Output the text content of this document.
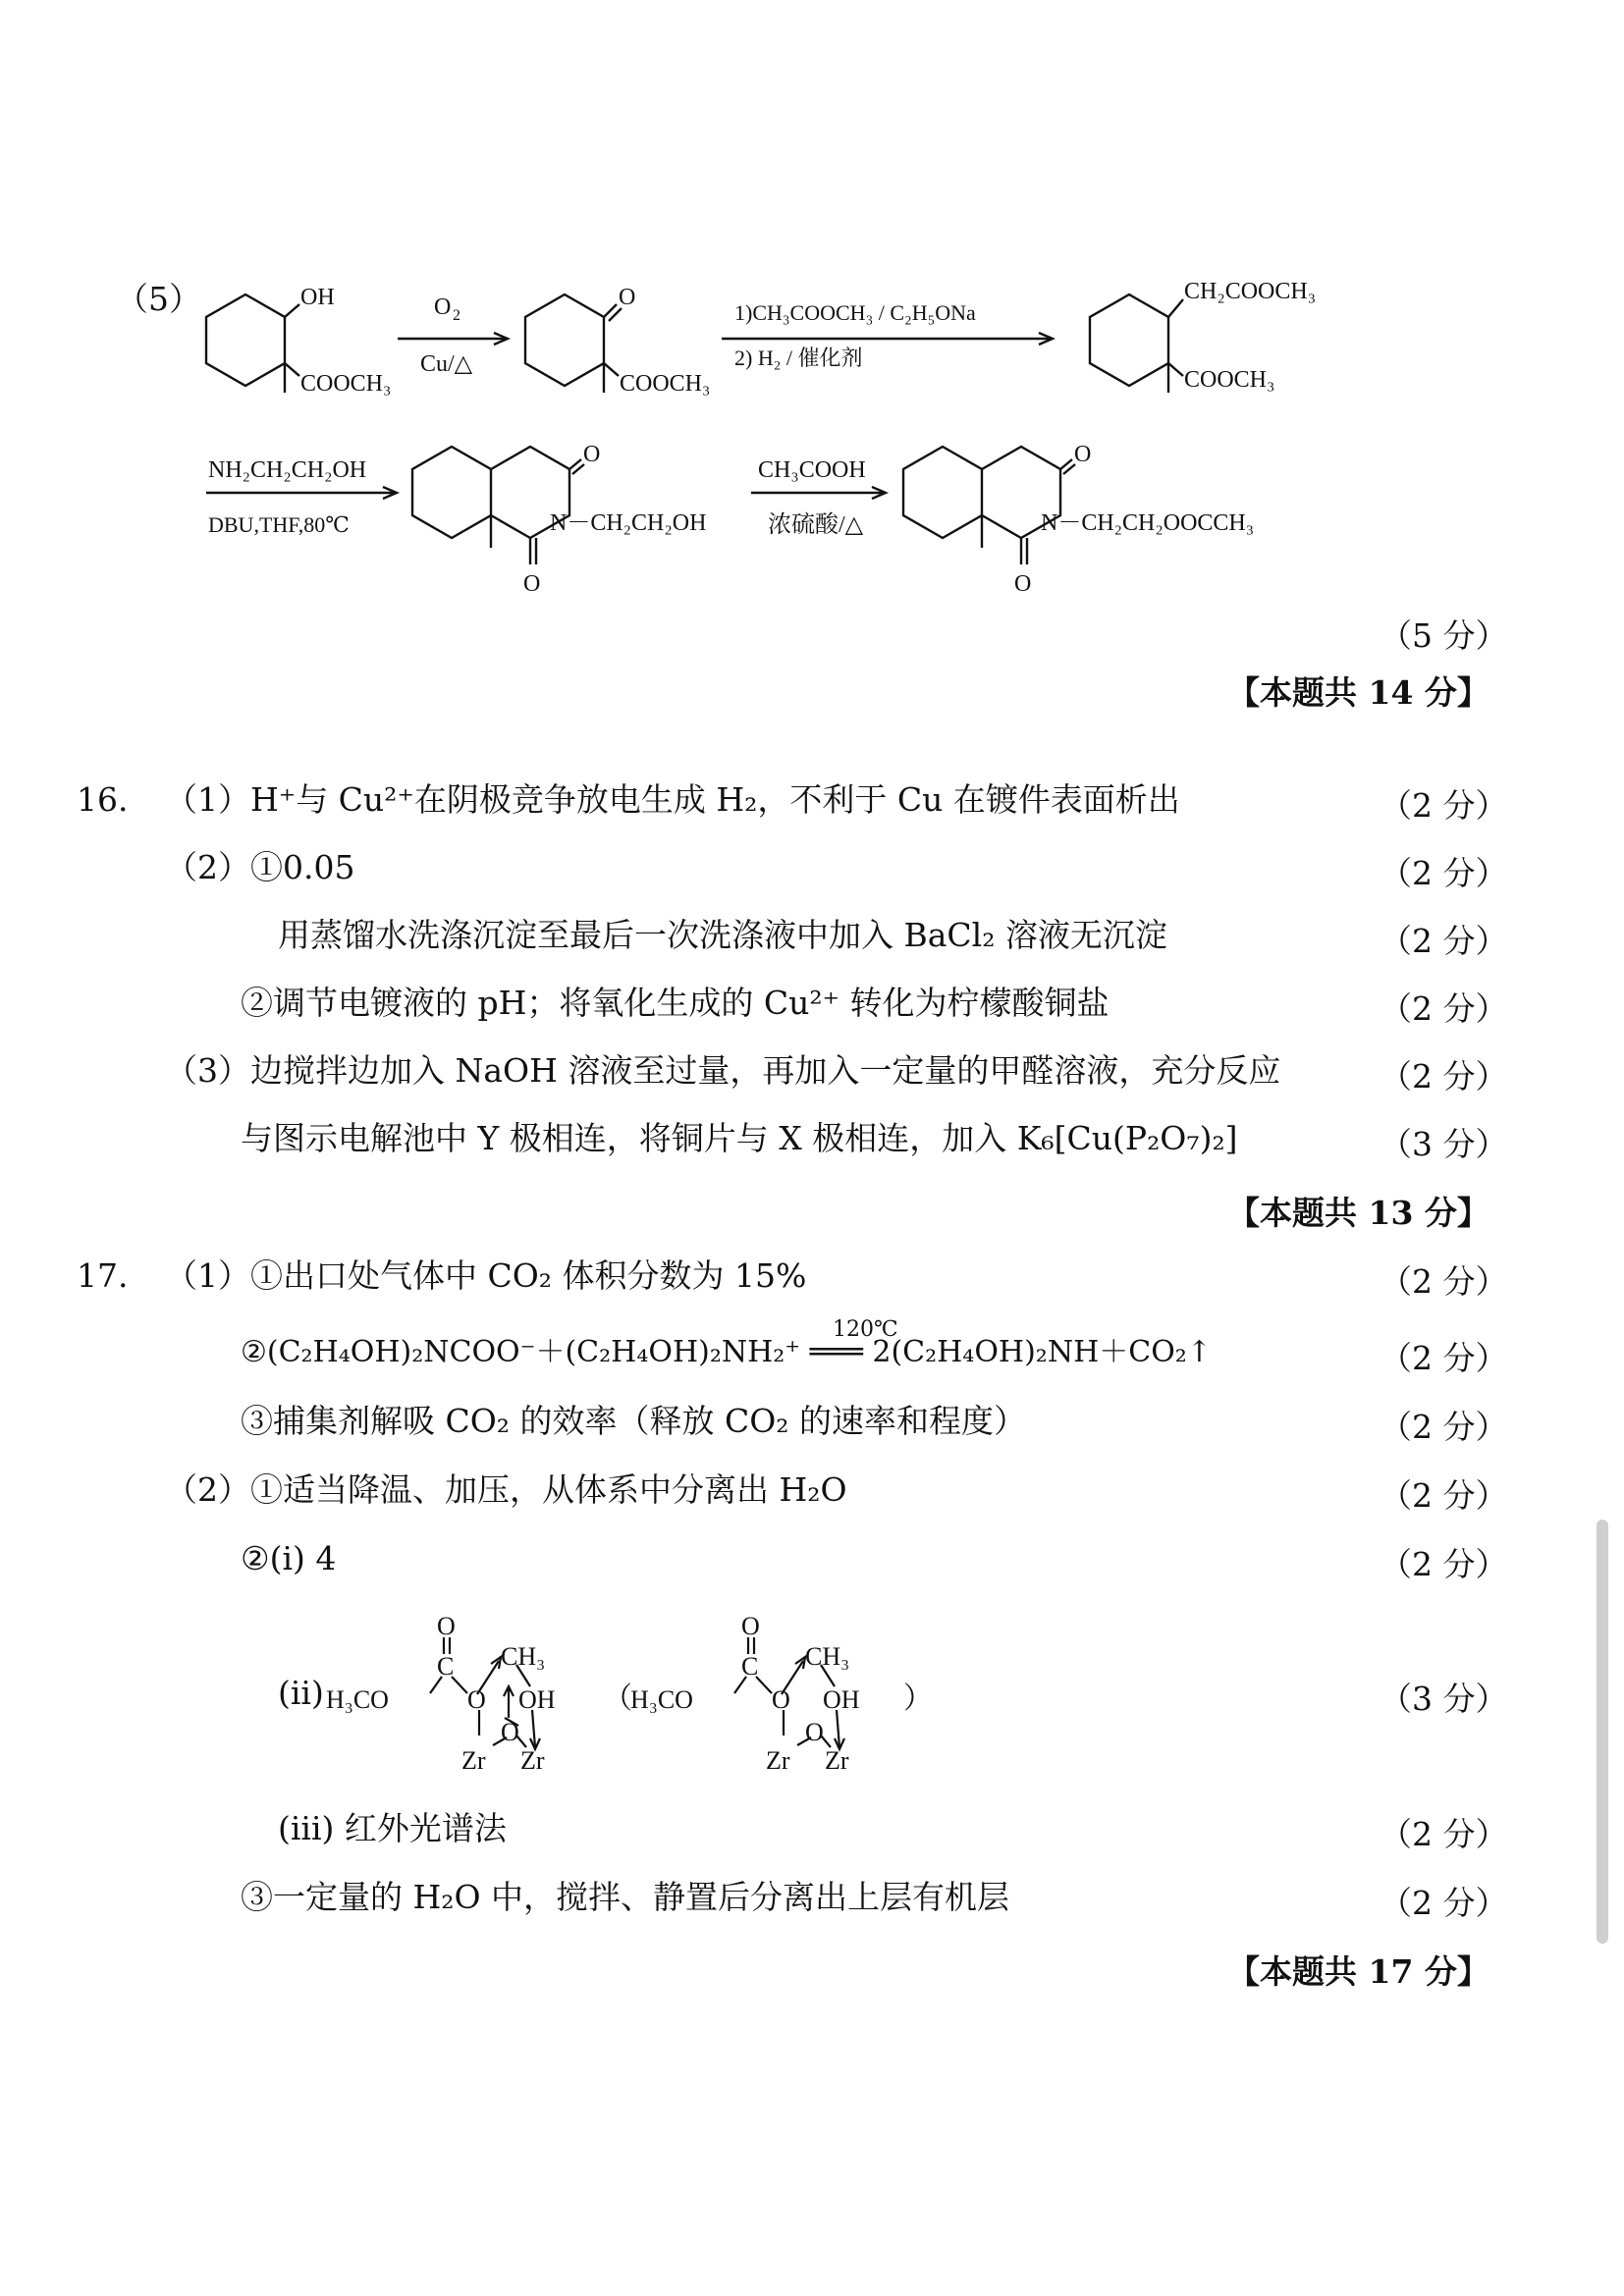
（5）	OH
COOCH₃
O 2
Cu/△
O
COOCH₃
1)CH₃COOCH₃ / C₂H₅ONa
2) H₂ / 催化剂
CH₂COOCH₃
COOCH₃
NH₂CH₂CH₂OH
DBU,THF,80℃
O
N－CH₂CH₂OH
O
CH₃COOH
浓硫酸/△
O
N－CH₂CH₂OOCCH₃
O
（5 分）
【本题共 14 分】
16. （1）H⁺与 Cu²⁺在阴极竞争放电生成 H₂，不利于 Cu 在镀件表面析出	（2 分）
（2）①0.05	（2 分）
用蒸馏水洗涤沉淀至最后一次洗涤液中加入 BaCl₂ 溶液无沉淀	（2 分）
②调节电镀液的 pH；将氧化生成的 Cu²⁺ 转化为柠檬酸铜盐	（2 分）
（3）边搅拌边加入 NaOH 溶液至过量，再加入一定量的甲醛溶液，充分反应	（2 分）
与图示电解池中 Y 极相连，将铜片与 X 极相连，加入 K₆[Cu(P₂O₇)₂]	（3 分）
【本题共 13 分】
17. （1）①出口处气体中 CO₂ 体积分数为 15%	（2 分）
120℃
②(C₂H₄OH)₂NCOO⁻＋(C₂H₄OH)₂NH₂⁺ ═══ 2(C₂H₄OH)₂NH＋CO₂↑	（2 分）
③捕集剂解吸 CO₂ 的效率（释放 CO₂ 的速率和程度）	（2 分）
（2）①适当降温、加压，从体系中分离出 H₂O	（2 分）
②(i) 4	（2 分）
(ii)	（3 分）
O
C
H₃CO	O
CH₃
OH
O
Zr Zr
（
O
C
H₃CO	O
CH₃
OH
O
Zr Zr
）
(iii) 红外光谱法	（2 分）
③一定量的 H₂O 中，搅拌、静置后分离出上层有机层	（2 分）
【本题共 17 分】
